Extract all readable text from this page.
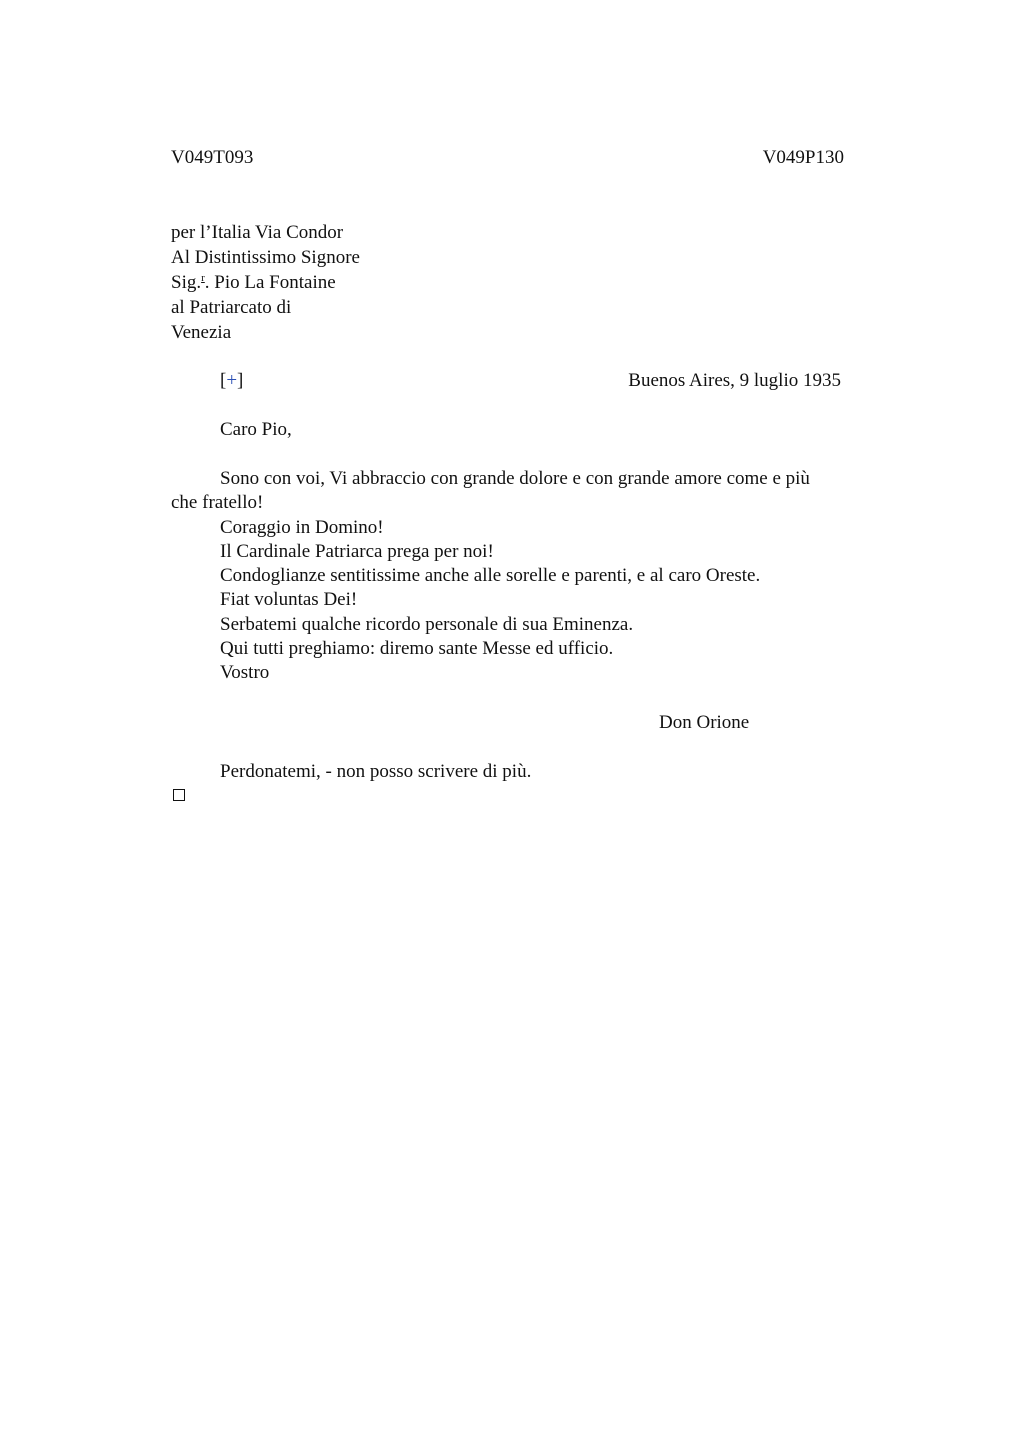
V049T093	V049P130
per l’Italia Via Condor
Al Distintissimo Signore
Sig.$^r$. Pio La Fontaine
al Patriarcato di
Venezia
[+]	Buenos Aires, 9 luglio 1935
Caro Pio,
Sono con voi, Vi abbraccio con grande dolore e con grande amore come e più che fratello!
Coraggio in Domino!
Il Cardinale Patriarca prega per noi!
Condoglianze sentitissime anche alle sorelle e parenti, e al caro Oreste.
Fiat voluntas Dei!
Serbatemi qualche ricordo personale di sua Eminenza.
Qui tutti preghiamo: diremo sante Messe ed ufficio.
Vostro
Don Orione
Perdonatemi, - non posso scrivere di più.
